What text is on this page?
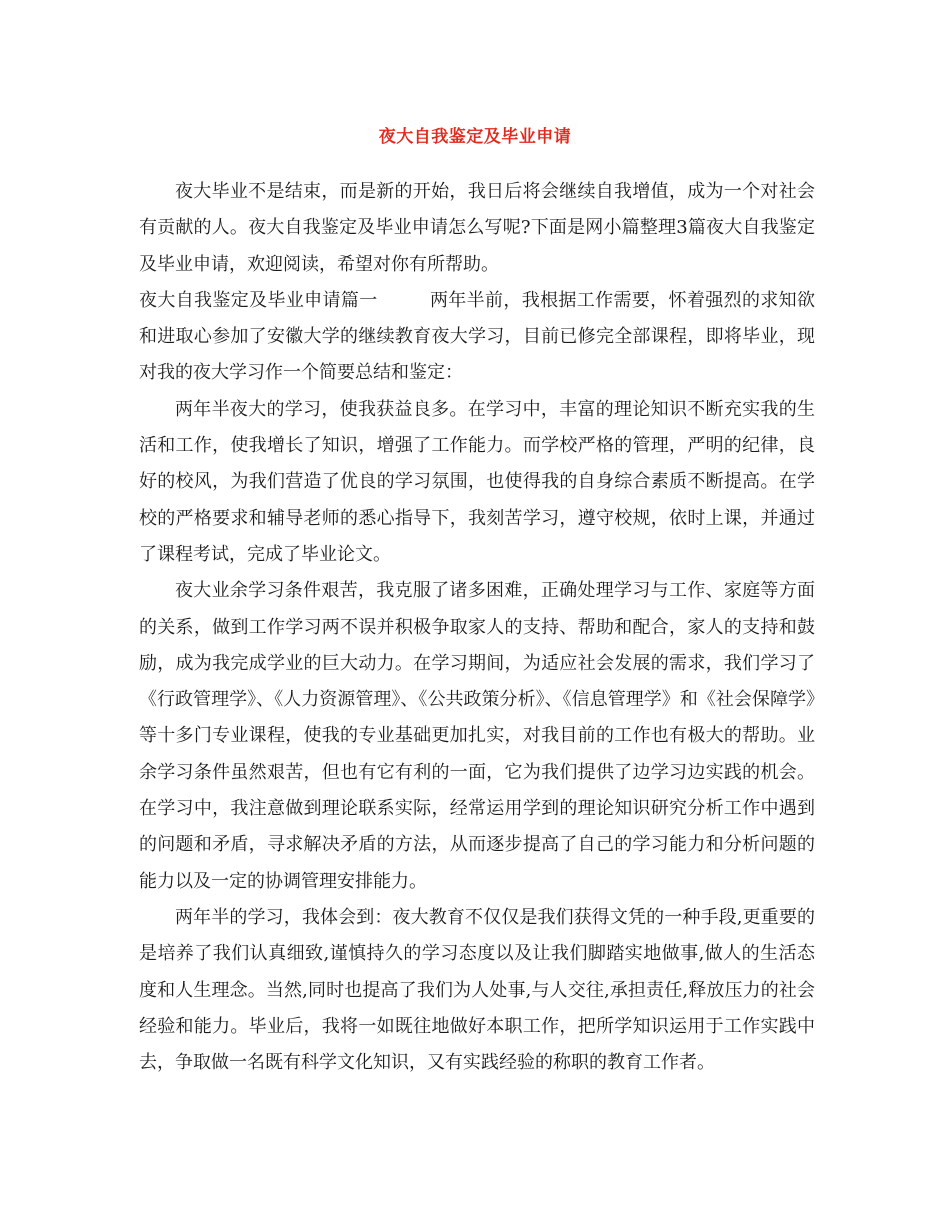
夜大自我鉴定及毕业申请

夜大毕业不是结束，而是新的开始，我日后将会继续自我增值，成为一个对社会有贡献的人。夜大自我鉴定及毕业申请怎么写呢?下面是网小篇整理3篇夜大自我鉴定及毕业申请，欢迎阅读，希望对你有所帮助。

夜大自我鉴定及毕业申请篇一	两年半前，我根据工作需要，怀着强烈的求知欲和进取心参加了安徽大学的继续教育夜大学习，目前已修完全部课程，即将毕业，现对我的夜大学习作一个简要总结和鉴定：

两年半夜大的学习，使我获益良多。在学习中，丰富的理论知识不断充实我的生活和工作，使我增长了知识，增强了工作能力。而学校严格的管理，严明的纪律，良好的校风，为我们营造了优良的学习氛围，也使得我的自身综合素质不断提高。在学校的严格要求和辅导老师的悉心指导下，我刻苦学习，遵守校规，依时上课，并通过了课程考试，完成了毕业论文。

夜大业余学习条件艰苦，我克服了诸多困难，正确处理学习与工作、家庭等方面的关系，做到工作学习两不误并积极争取家人的支持、帮助和配合，家人的支持和鼓励，成为我完成学业的巨大动力。在学习期间，为适应社会发展的需求，我们学习了《行政管理学》、《人力资源管理》、《公共政策分析》、《信息管理学》和《社会保障学》等十多门专业课程，使我的专业基础更加扎实，对我目前的工作也有极大的帮助。业余学习条件虽然艰苦，但也有它有利的一面，它为我们提供了边学习边实践的机会。在学习中，我注意做到理论联系实际，经常运用学到的理论知识研究分析工作中遇到的问题和矛盾，寻求解决矛盾的方法，从而逐步提高了自己的学习能力和分析问题的能力以及一定的协调管理安排能力。

两年半的学习，我体会到：夜大教育不仅仅是我们获得文凭的一种手段,更重要的是培养了我们认真细致,谨慎持久的学习态度以及让我们脚踏实地做事,做人的生活态度和人生理念。当然,同时也提高了我们为人处事,与人交往,承担责任,释放压力的社会经验和能力。毕业后，我将一如既往地做好本职工作，把所学知识运用于工作实践中去，争取做一名既有科学文化知识，又有实践经验的称职的教育工作者。
